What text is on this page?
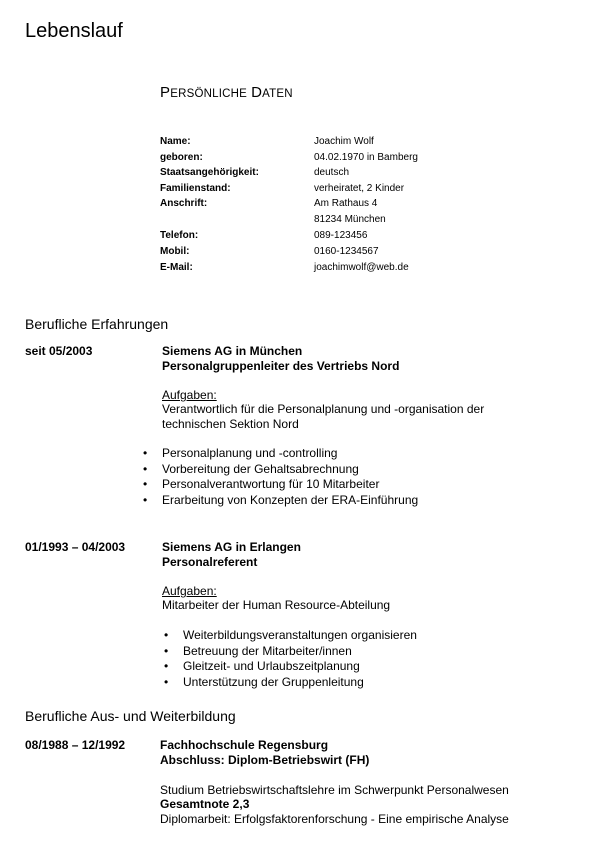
Lebenslauf
PERSÖNLICHE DATEN
Name:	Joachim Wolf
geboren:	04.02.1970 in Bamberg
Staatsangehörigkeit:	deutsch
Familienstand:	verheiratet, 2 Kinder
Anschrift:	Am Rathaus 4
81234 München
Telefon:	089-123456
Mobil:	0160-1234567
E-Mail:	joachimwolf@web.de
Berufliche Erfahrungen
seit 05/2003	Siemens AG in München
Personalgruppenleiter des Vertriebs Nord
Aufgaben:
Verantwortlich für die Personalplanung und -organisation der
technischen Sektion Nord
• Personalplanung und -controlling
• Vorbereitung der Gehaltsabrechnung
• Personalverantwortung für 10 Mitarbeiter
• Erarbeitung von Konzepten der ERA-Einführung
01/1993 – 04/2003	Siemens AG in Erlangen
Personalreferent
Aufgaben:
Mitarbeiter der Human Resource-Abteilung
• Weiterbildungsveranstaltungen organisieren
• Betreuung der Mitarbeiter/innen
• Gleitzeit- und Urlaubszeitplanung
• Unterstützung der Gruppenleitung
Berufliche Aus- und Weiterbildung
08/1988 – 12/1992	Fachhochschule Regensburg
Abschluss: Diplom-Betriebswirt (FH)
Studium Betriebswirtschaftslehre im Schwerpunkt Personalwesen
Gesamtnote 2,3
Diplomarbeit: Erfolgsfaktorenforschung - Eine empirische Analyse
